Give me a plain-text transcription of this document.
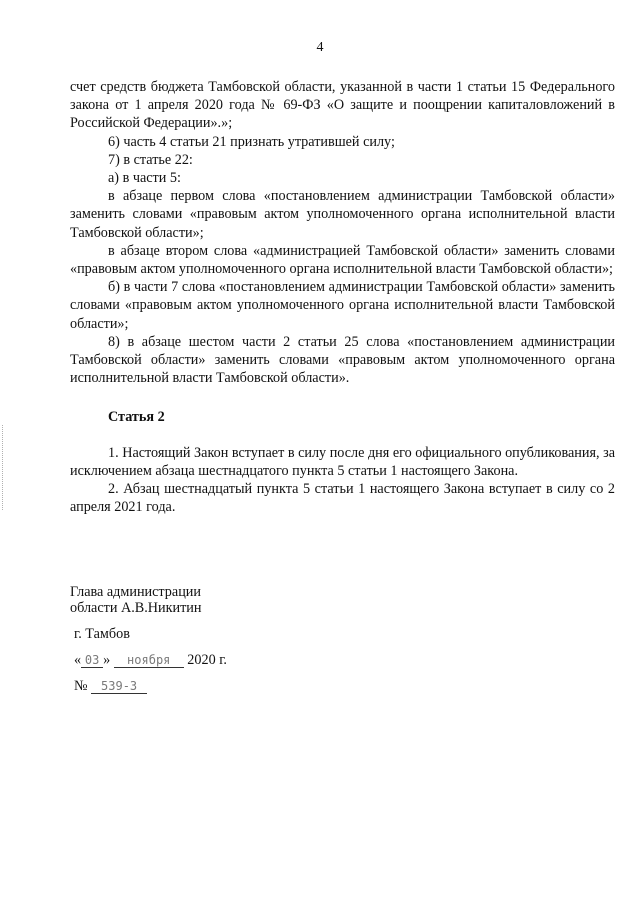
4

счет средств бюджета Тамбовской области, указанной в части 1 статьи 15 Федерального закона от 1 апреля 2020 года № 69-ФЗ «О защите и поощрении капиталовложений в Российской Федерации».»;

6) часть 4 статьи 21 признать утратившей силу;

7) в статье 22:

а) в части 5:

в абзаце первом слова «постановлением администрации Тамбовской области» заменить словами «правовым актом уполномоченного органа исполнительной власти Тамбовской области»;

в абзаце втором слова «администрацией Тамбовской области» заменить словами «правовым актом уполномоченного органа исполнительной власти Тамбовской области»;

б) в части 7 слова «постановлением администрации Тамбовской области» заменить словами «правовым актом уполномоченного органа исполнительной власти Тамбовской области»;

8) в абзаце шестом части 2 статьи 25 слова «постановлением администрации Тамбовской области» заменить словами «правовым актом уполномоченного органа исполнительной власти Тамбовской области».

Статья 2

1. Настоящий Закон вступает в силу после дня его официального опубликования, за исключением абзаца шестнадцатого пункта 5 статьи 1 настоящего Закона.

2. Абзац шестнадцатый пункта 5 статьи 1 настоящего Закона вступает в силу со 2 апреля 2021 года.

Глава администрации
области А.В.Никитин
г. Тамбов
« 03 » ноября 2020 г.
№ 539-З
